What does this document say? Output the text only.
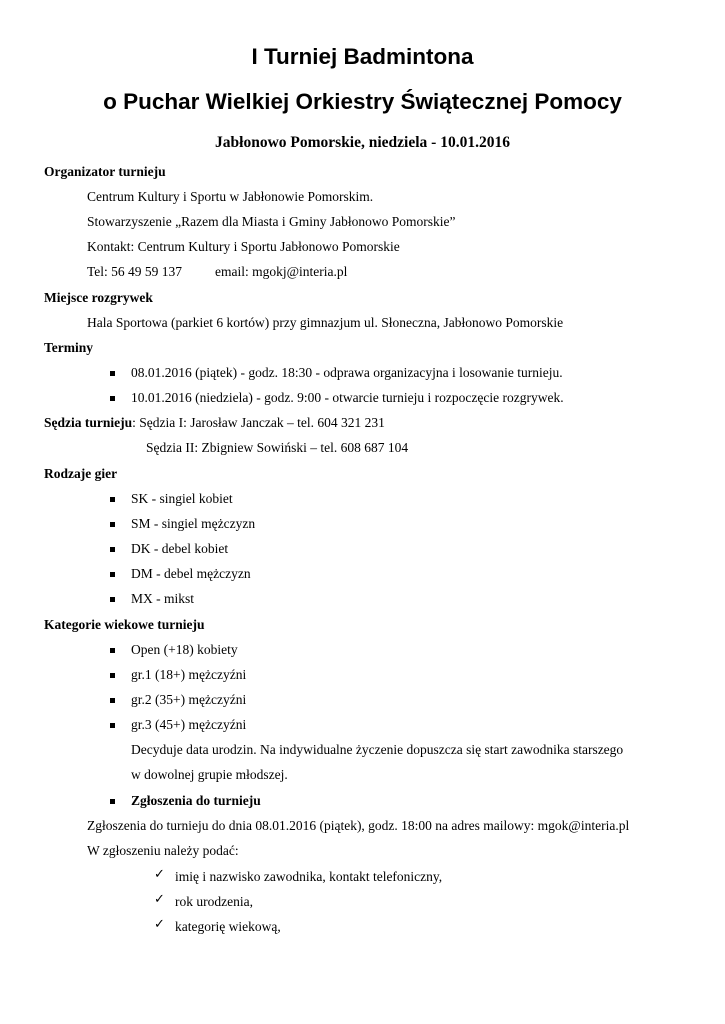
I Turniej Badmintona
o Puchar Wielkiej Orkiestry Świątecznej Pomocy
Jabłonowo Pomorskie, niedziela - 10.01.2016
Organizator turnieju
Centrum Kultury i Sportu w Jabłonowie Pomorskim.
Stowarzyszenie „Razem dla Miasta i Gminy Jabłonowo Pomorskie”
Kontakt: Centrum Kultury i Sportu Jabłonowo Pomorskie
Tel: 56 49 59 137 email: mgokj@interia.pl
Miejsce rozgrywek
Hala Sportowa (parkiet 6 kortów) przy gimnazjum ul. Słoneczna, Jabłonowo Pomorskie
Terminy
08.01.2016 (piątek) - godz. 18:30 - odprawa organizacyjna i losowanie turnieju.
10.01.2016 (niedziela) - godz. 9:00 - otwarcie turnieju i rozpoczęcie rozgrywek.
Sędzia turnieju: Sędzia I: Jarosław Janczak – tel. 604 321 231
Sędzia II: Zbigniew Sowiński – tel. 608 687 104
Rodzaje gier
SK - singiel kobiet
SM - singiel mężczyzn
DK - debel kobiet
DM - debel mężczyzn
MX - mikst
Kategorie wiekowe turnieju
Open (+18) kobiety
gr.1 (18+) mężczyźni
gr.2 (35+) mężczyźni
gr.3 (45+) mężczyźni
Decyduje data urodzin. Na indywidualne życzenie dopuszcza się start zawodnika starszego
w dowolnej grupie młodszej.
Zgłoszenia do turnieju
Zgłoszenia do turnieju do dnia 08.01.2016 (piątek), godz. 18:00 na adres mailowy: mgok@interia.pl
W zgłoszeniu należy podać:
✓ imię i nazwisko zawodnika, kontakt telefoniczny,
✓ rok urodzenia,
✓ kategorię wiekową,
